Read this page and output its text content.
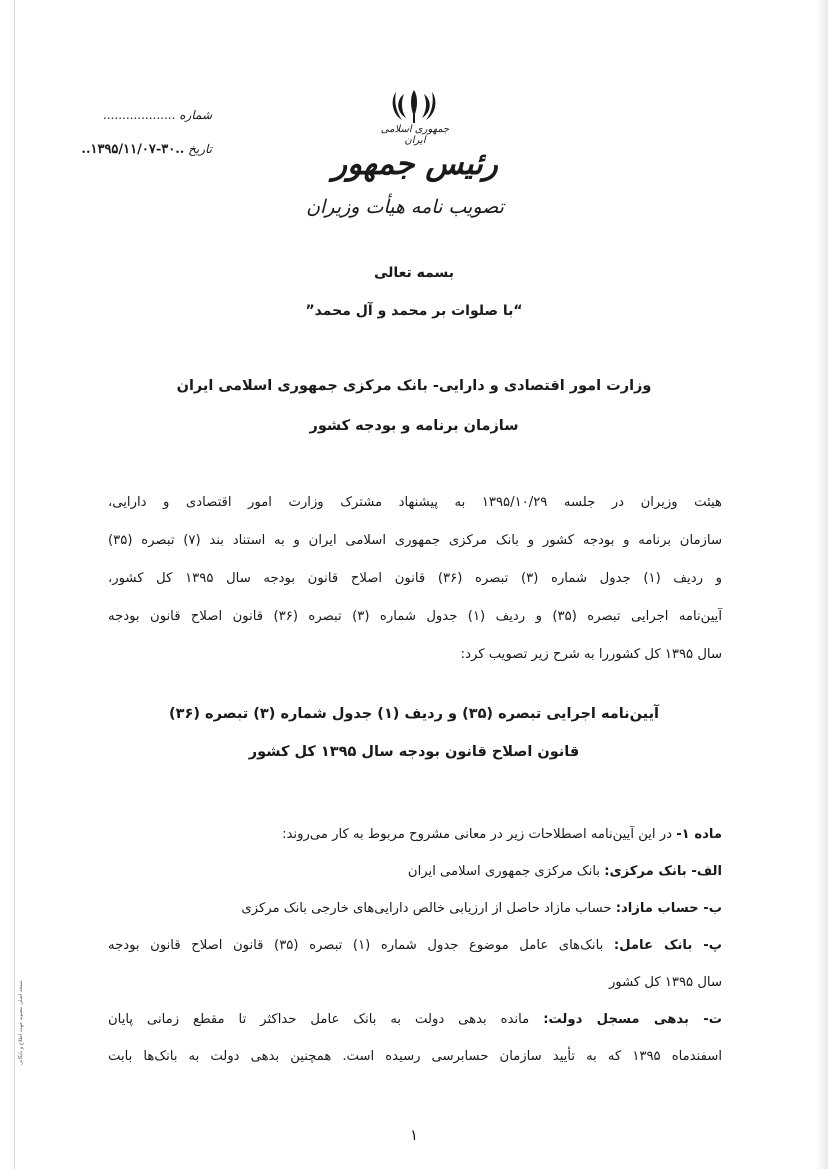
شماره ...................
تاریخ ..۳۰-۱۳۹۵/۱۱/۰۷..
جمهوری اسلامی ایران
رئیس جمهور
تصویب نامه هیأت وزیران
بسمه تعالی
“با صلوات بر محمد و آل محمد”
وزارت امور اقتصادی و دارایی- بانک مرکزی جمهوری اسلامی ایران
سازمان برنامه و بودجه کشور
هیئت وزیران در جلسه ۱۳۹۵/۱۰/۲۹ به پیشنهاد مشترک وزارت امور اقتصادی و دارایی،
سازمان برنامه و بودجه کشور و بانک مرکزی جمهوری اسلامی ایران و به استناد بند (۷) تبصره (۳۵)
و ردیف (۱) جدول شماره (۳) تبصره (۳۶) قانون اصلاح قانون بودجه سال ۱۳۹۵ کل کشور،
آیین‌نامه اجرایی تبصره (۳۵) و ردیف (۱) جدول شماره (۳) تبصره (۳۶) قانون اصلاح قانون بودجه
سال ۱۳۹۵ کل کشوررا به شرح زیر تصویب کرد:
آیین‌نامه اجرایی تبصره (۳۵) و ردیف (۱) جدول شماره (۳) تبصره (۳۶)
قانون اصلاح قانون بودجه سال ۱۳۹۵ کل کشور
ماده ۱- در این آیین‌نامه اصطلاحات زیر در معانی مشروح مربوط به کار می‌روند:
الف- بانک مرکزی: بانک مرکزی جمهوری اسلامی ایران
ب- حساب مازاد: حساب مازاد حاصل از ارزیابی خالص دارایی‌های خارجی بانک مرکزی
پ- بانک عامل: بانک‌های عامل موضوع جدول شماره (۱) تبصره (۳۵) قانون اصلاح قانون بودجه
سال ۱۳۹۵ کل کشور
ت- بدهی مسجل دولت: مانده بدهی دولت به بانک عامل حداکثر تا مقطع زمانی پایان
اسفندماه ۱۳۹۵ که به تأیید سازمان حسابرسی رسیده است. همچنین بدهی دولت به بانک‌ها بابت
نسخه اصلی مصوبه جهت اطلاع و بایگانی
۱
